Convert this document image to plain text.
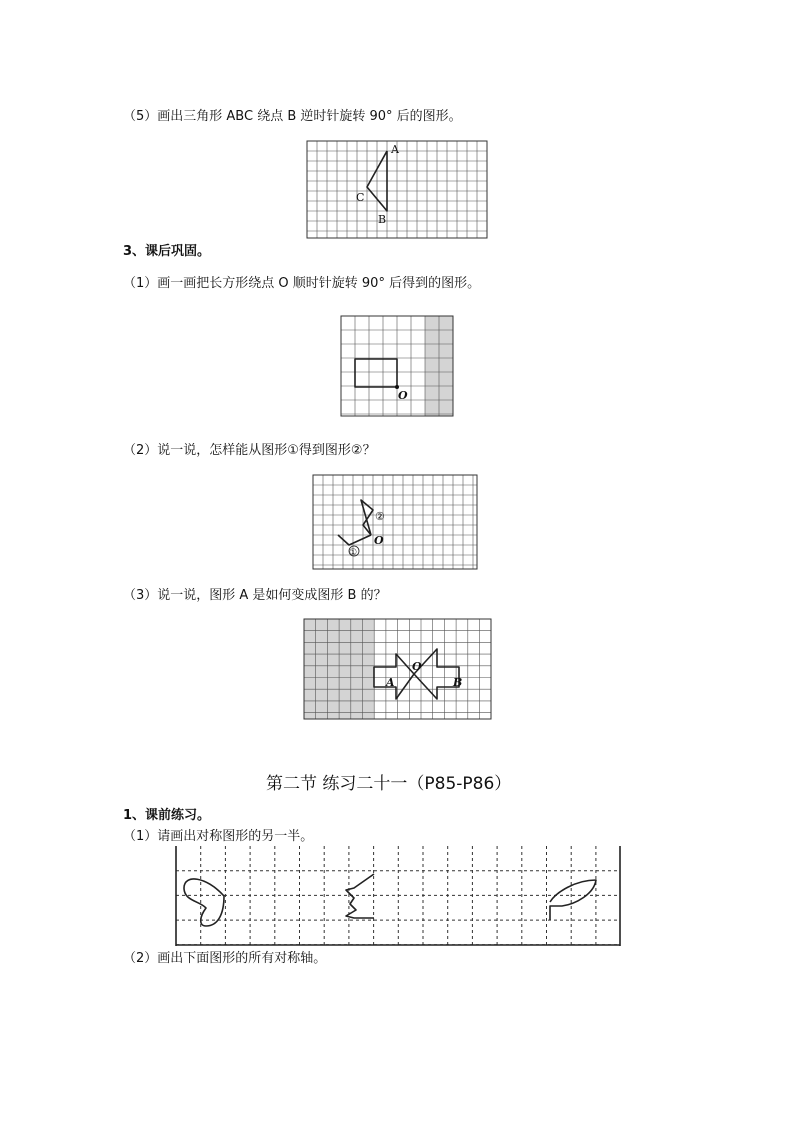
（5）画出三角形 ABC 绕点 B 逆时针旋转 90° 后的图形。
A
C
B
3、课后巩固。
（1）画一画把长方形绕点 O 顺时针旋转 90° 后得到的图形。
O
（2）说一说，怎样能从图形①得到图形②？
①
②
O
（3）说一说，图形 A 是如何变成图形 B 的？
A
O
B
第二节 练习二十一（P85-P86）
1、课前练习。
（1）请画出对称图形的另一半。
（2）画出下面图形的所有对称轴。
